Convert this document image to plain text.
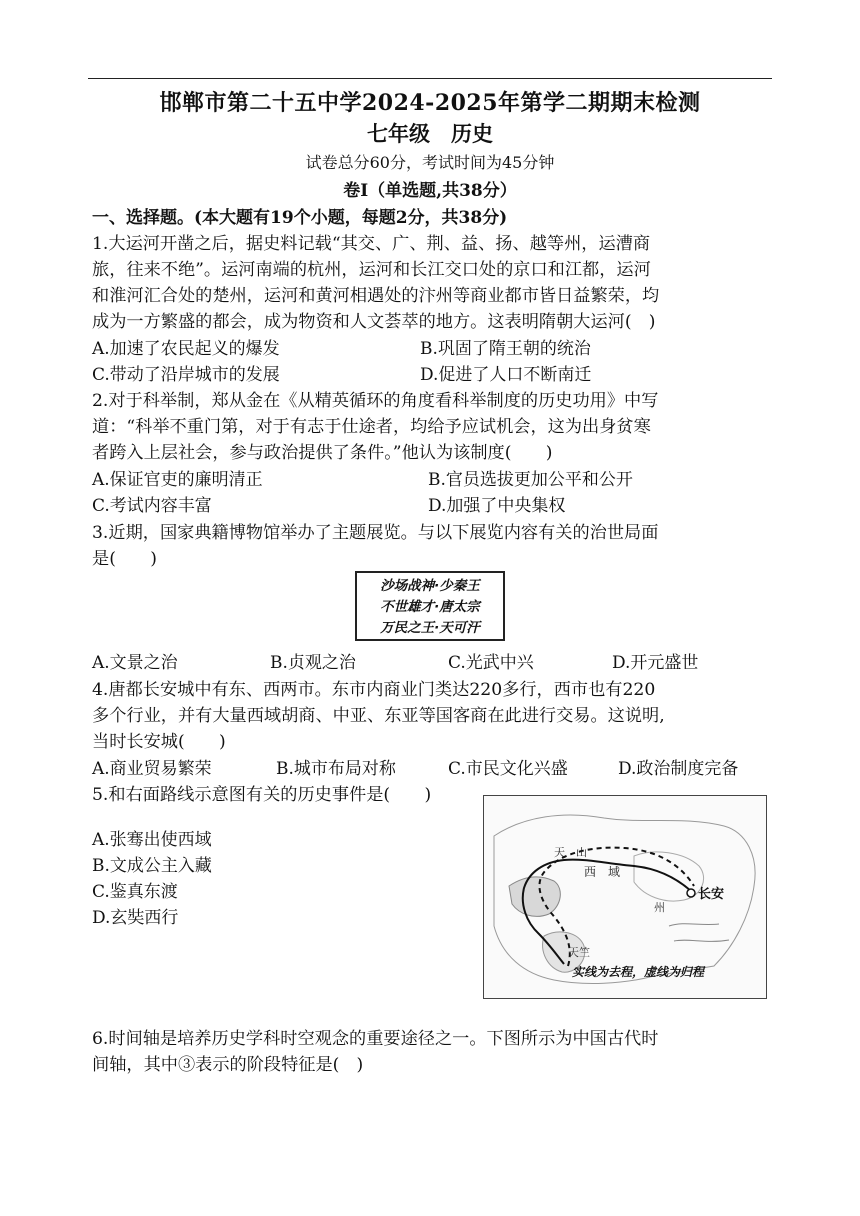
邯郸市第二十五中学2024-2025年第学二期期末检测
七年级　历史
试卷总分60分，考试时间为45分钟
卷Ⅰ（单选题,共38分）
一、选择题。(本大题有19个小题，每题2分，共38分)
1.大运河开凿之后，据史料记载“其交、广、荆、益、扬、越等州，运漕商
旅，往来不绝”。运河南端的杭州，运河和长江交口处的京口和江都，运河
和淮河汇合处的楚州，运河和黄河相遇处的汴州等商业都市皆日益繁荣，均
成为一方繁盛的都会，成为物资和人文荟萃的地方。这表明隋朝大运河(　)
A.加速了农民起义的爆发	B.巩固了隋王朝的统治
C.带动了沿岸城市的发展	D.促进了人口不断南迁
2.对于科举制，郑从金在《从精英循环的角度看科举制度的历史功用》中写
道：“科举不重门第，对于有志于仕途者，均给予应试机会，这为出身贫寒
者跨入上层社会，参与政治提供了条件。”他认为该制度(　　)
A.保证官吏的廉明清正	B.官员选拔更加公平和公开
C.考试内容丰富	D.加强了中央集权
3.近期，国家典籍博物馆举办了主题展览。与以下展览内容有关的治世局面
是(　　)
沙场战神·少秦王
不世雄才·唐太宗
万民之王·天可汗
A.文景之治	B.贞观之治	C.光武中兴	D.开元盛世
4.唐都长安城中有东、西两市。东市内商业门类达220多行，西市也有220
多个行业，并有大量西域胡商、中亚、东亚等国客商在此进行交易。这说明,
当时长安城(　　)
A.商业贸易繁荣	B.城市布局对称	C.市民文化兴盛	D.政治制度完备
5.和右面路线示意图有关的历史事件是(　　)
A.张骞出使西域
B.文成公主入藏
C.鉴真东渡
D.玄奘西行
天　山
西　域
长安
州
天竺
实线为去程，虚线为归程
6.时间轴是培养历史学科时空观念的重要途径之一。下图所示为中国古代时
间轴，其中③表示的阶段特征是(　)
